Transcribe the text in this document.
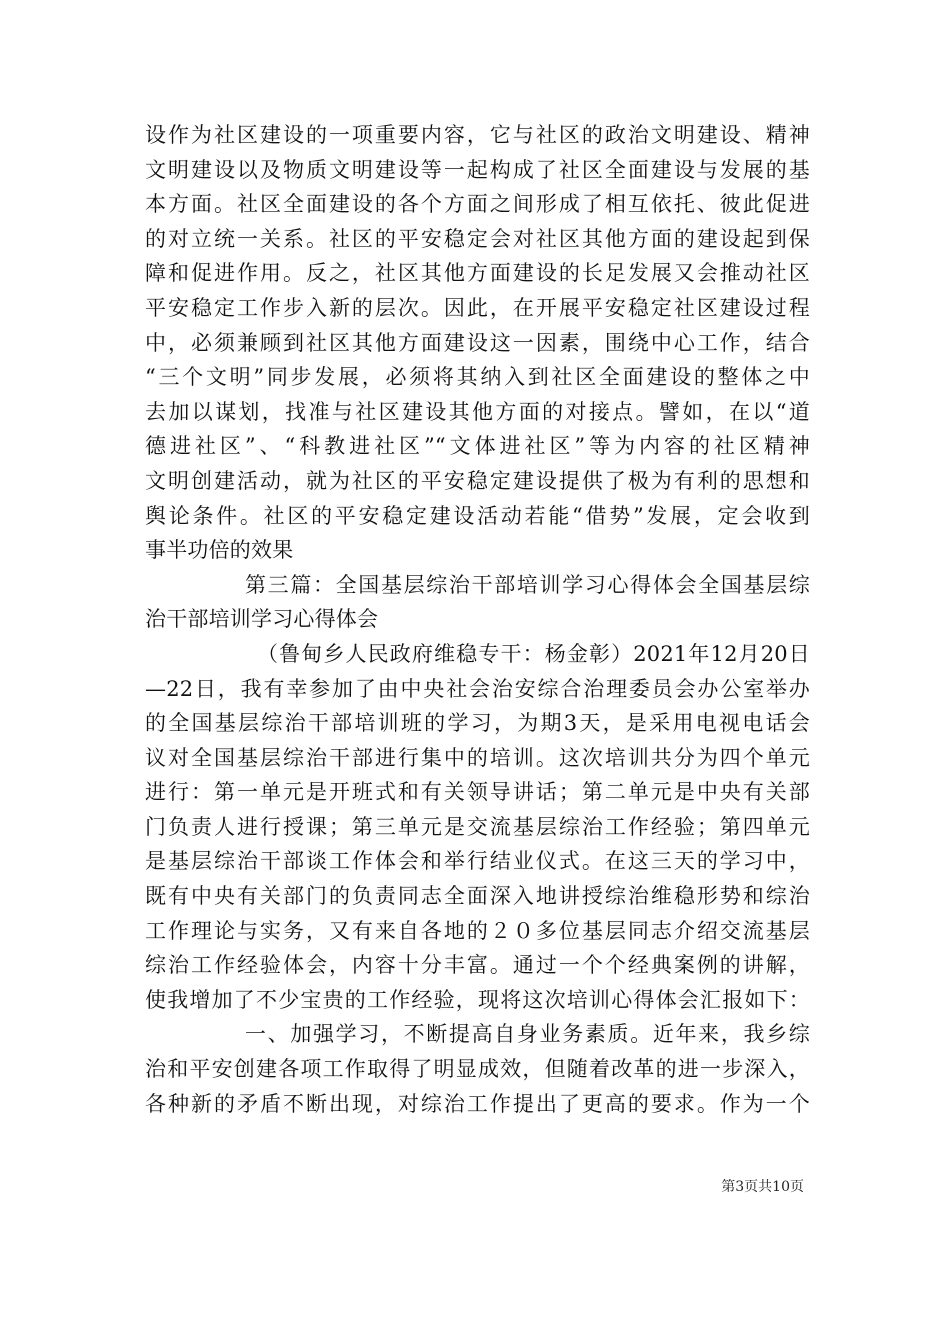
设作为社区建设的一项重要内容，它与社区的政治文明建设、精神
文明建设以及物质文明建设等一起构成了社区全面建设与发展的基
本方面。社区全面建设的各个方面之间形成了相互依托、彼此促进
的对立统一关系。社区的平安稳定会对社区其他方面的建设起到保
障和促进作用。反之，社区其他方面建设的长足发展又会推动社区
平安稳定工作步入新的层次。因此，在开展平安稳定社区建设过程
中，必须兼顾到社区其他方面建设这一因素，围绕中心工作，结合
“三个文明”同步发展，必须将其纳入到社区全面建设的整体之中
去加以谋划，找准与社区建设其他方面的对接点。譬如，在以“道
德进社区”、“科教进社区”“文体进社区”等为内容的社区精神
文明创建活动，就为社区的平安稳定建设提供了极为有利的思想和
舆论条件。社区的平安稳定建设活动若能“借势”发展，定会收到
事半功倍的效果
第三篇：全国基层综治干部培训学习心得体会全国基层综
治干部培训学习心得体会
（鲁甸乡人民政府维稳专干：杨金彰）2021年12月20日
—22日，我有幸参加了由中央社会治安综合治理委员会办公室举办
的全国基层综治干部培训班的学习，为期3天，是采用电视电话会
议对全国基层综治干部进行集中的培训。这次培训共分为四个单元
进行：第一单元是开班式和有关领导讲话；第二单元是中央有关部
门负责人进行授课；第三单元是交流基层综治工作经验；第四单元
是基层综治干部谈工作体会和举行结业仪式。在这三天的学习中，
既有中央有关部门的负责同志全面深入地讲授综治维稳形势和综治
工作理论与实务，又有来自各地的２０多位基层同志介绍交流基层
综治工作经验体会，内容十分丰富。通过一个个经典案例的讲解，
使我增加了不少宝贵的工作经验，现将这次培训心得体会汇报如下：
一、加强学习，不断提高自身业务素质。近年来，我乡综
治和平安创建各项工作取得了明显成效，但随着改革的进一步深入，
各种新的矛盾不断出现，对综治工作提出了更高的要求。作为一个
第3页共10页
